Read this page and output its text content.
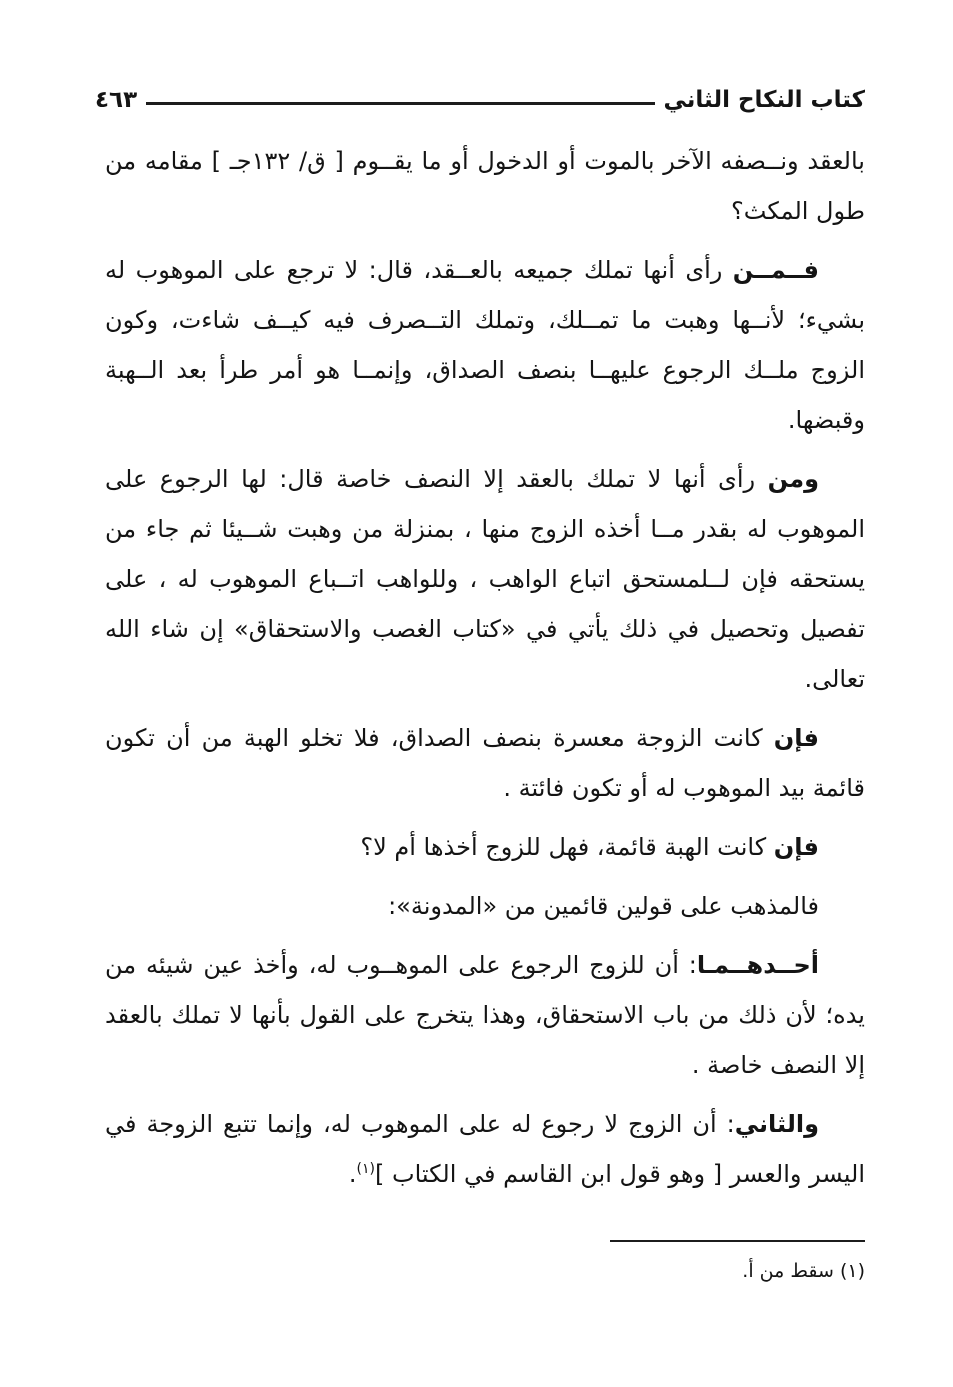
كتاب النكاح الثاني
٤٦٣

بالعقد ونــصفه الآخر بالموت أو الدخول أو ما يقــوم [ ق/ ١٣٢جـ ] مقامه من طول المكث؟

فــمــن رأى أنها تملك جميعه بالعــقد، قال: لا ترجع على الموهوب له بشيء؛ لأنــها وهبت ما تمــلك، وتملك التــصرف فيه كيــف شاءت، وكون الزوج ملــك الرجوع عليهــا بنصف الصداق، وإنمــا هو أمر طرأ بعد الــهبة وقبضها.

ومن رأى أنها لا تملك بالعقد إلا النصف خاصة قال: لها الرجوع على الموهوب له بقدر مــا أخذه الزوج منها ، بمنزلة من وهبت شــيئا ثم جاء من يستحقه فإن لــلمستحق اتباع الواهب ، وللواهب اتــباع الموهوب له ، على تفصيل وتحصيل في ذلك يأتي في «كتاب الغصب والاستحقاق» إن شاء الله تعالى.

فإن كانت الزوجة معسرة بنصف الصداق، فلا تخلو الهبة من أن تكون قائمة بيد الموهوب له أو تكون فائتة .

فإن كانت الهبة قائمة، فهل للزوج أخذها أم لا؟

فالمذهب على قولين قائمين من «المدونة»:

أحــدهــمـا: أن للزوج الرجوع على الموهــوب له، وأخذ عين شيئه من يده؛ لأن ذلك من باب الاستحقاق، وهذا يتخرج على القول بأنها لا تملك بالعقد إلا النصف خاصة .

والثاني: أن الزوج لا رجوع له على الموهوب له، وإنما تتبع الزوجة في اليسر والعسر [ وهو قول ابن القاسم في الكتاب ]$^{(١)}$.

(١) سقط من أ.
